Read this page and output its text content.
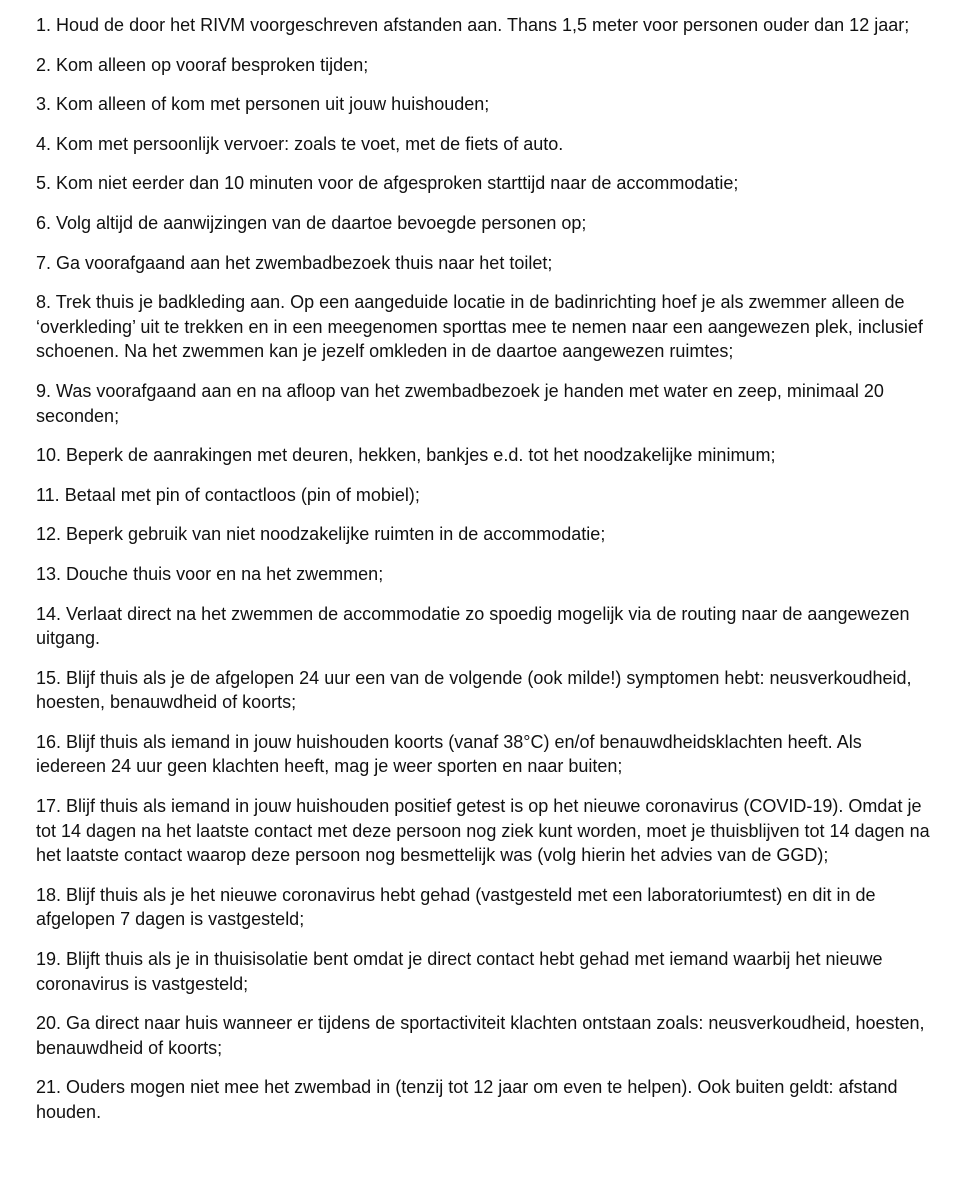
1. Houd de door het RIVM voorgeschreven afstanden aan. Thans 1,5 meter voor personen ouder dan 12 jaar;
2. Kom alleen op vooraf besproken tijden;
3. Kom alleen of kom met personen uit jouw huishouden;
4. Kom met persoonlijk vervoer: zoals te voet, met de fiets of auto.
5. Kom niet eerder dan 10 minuten voor de afgesproken starttijd naar de accommodatie;
6. Volg altijd de aanwijzingen van de daartoe bevoegde personen op;
7. Ga voorafgaand aan het zwembadbezoek thuis naar het toilet;
8. Trek thuis je badkleding aan. Op een aangeduide locatie in de badinrichting hoef je als zwemmer alleen de ‘overkleding’ uit te trekken en in een meegenomen sporttas mee te nemen naar een aangewezen plek, inclusief schoenen. Na het zwemmen kan je jezelf omkleden in de daartoe aangewezen ruimtes;
9. Was voorafgaand aan en na afloop van het zwembadbezoek je handen met water en zeep, minimaal 20 seconden;
10. Beperk de aanrakingen met deuren, hekken, bankjes e.d. tot het noodzakelijke minimum;
11. Betaal met pin of contactloos (pin of mobiel);
12. Beperk gebruik van niet noodzakelijke ruimten in de accommodatie;
13. Douche thuis voor en na het zwemmen;
14. Verlaat direct na het zwemmen de accommodatie zo spoedig mogelijk via de routing naar de aangewezen uitgang.
15. Blijf thuis als je de afgelopen 24 uur een van de volgende (ook milde!) symptomen hebt: neusverkoudheid, hoesten, benauwdheid of koorts;
16. Blijf thuis als iemand in jouw huishouden koorts (vanaf 38°C) en/of benauwdheidsklachten heeft. Als iedereen 24 uur geen klachten heeft, mag je weer sporten en naar buiten;
17. Blijf thuis als iemand in jouw huishouden positief getest is op het nieuwe coronavirus (COVID-19). Omdat je tot 14 dagen na het laatste contact met deze persoon nog ziek kunt worden, moet je thuisblijven tot 14 dagen na het laatste contact waarop deze persoon nog besmettelijk was (volg hierin het advies van de GGD);
18. Blijf thuis als je het nieuwe coronavirus hebt gehad (vastgesteld met een laboratoriumtest) en dit in de afgelopen 7 dagen is vastgesteld;
19. Blijft thuis als je in thuisisolatie bent omdat je direct contact hebt gehad met iemand waarbij het nieuwe coronavirus is vastgesteld;
20. Ga direct naar huis wanneer er tijdens de sportactiviteit klachten ontstaan zoals: neusverkoudheid, hoesten, benauwdheid of koorts;
21. Ouders mogen niet mee het zwembad in (tenzij tot 12 jaar om even te helpen). Ook buiten geldt: afstand houden.
